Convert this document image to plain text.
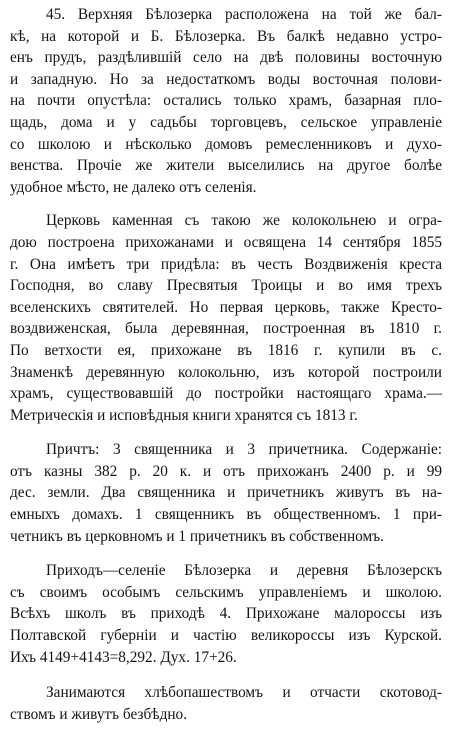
45. Верхняя Бѣлозерка расположена на той же бал-
кѣ, на которой и Б. Бѣлозерка. Въ балкѣ недавно устро-
енъ прудъ, раздѣлившій село на двѣ половины восточную
и западную. Но за недостаткомъ воды восточная полови-
на почти опустѣла: остались только храмъ, базарная пло-
щадь, дома и у садьбы торговцевъ, сельское управленіе
со школою и нѣсколько домовъ ремесленниковъ и духо-
венства. Прочіе же жители выселились на другое болѣе
удобное мѣсто, не далеко отъ селенія.

Церковь каменная съ такою же колокольнею и огра-
дою построена прихожанами и освящена 14 сентября 1855
г. Она имѣетъ три придѣла: въ честь Воздвиженія креста
Господня, во славу Пресвятыя Троицы и во имя трехъ
вселенскихъ святителей. Но первая церковь, также Кресто-
воздвиженская, была деревянная, построенная въ 1810 г.
По ветхости ея, прихожане въ 1816 г. купили въ с.
Знаменкѣ деревянную колокольню, изъ которой построили
храмъ, существовавшій до постройки настоящаго храма.—
Метрическія и исповѣдныя книги хранятся съ 1813 г.

Причтъ: 3 священника и 3 причетника. Содержаніе:
отъ казны 382 р. 20 к. и отъ прихожанъ 2400 р. и 99
дес. земли. Два священника и причетникъ живутъ въ на-
емныхъ домахъ. 1 священникъ въ общественномъ. 1 при-
четникъ въ церковномъ и 1 причетникъ въ собственномъ.

Приходъ—селеніе Бѣлозерка и деревня Бѣлозерскъ
съ своимъ особымъ сельскимъ управленіемъ и школою.
Всѣхъ школъ въ приходѣ 4. Прихожане малороссы изъ
Полтавской губерніи и частію великороссы изъ Курской.
Ихъ 4149+4143=8,292. Дух. 17+26.

Занимаются хлѣбопашествомъ и отчасти скотовод-
ствомъ и живутъ безбѣдно.
